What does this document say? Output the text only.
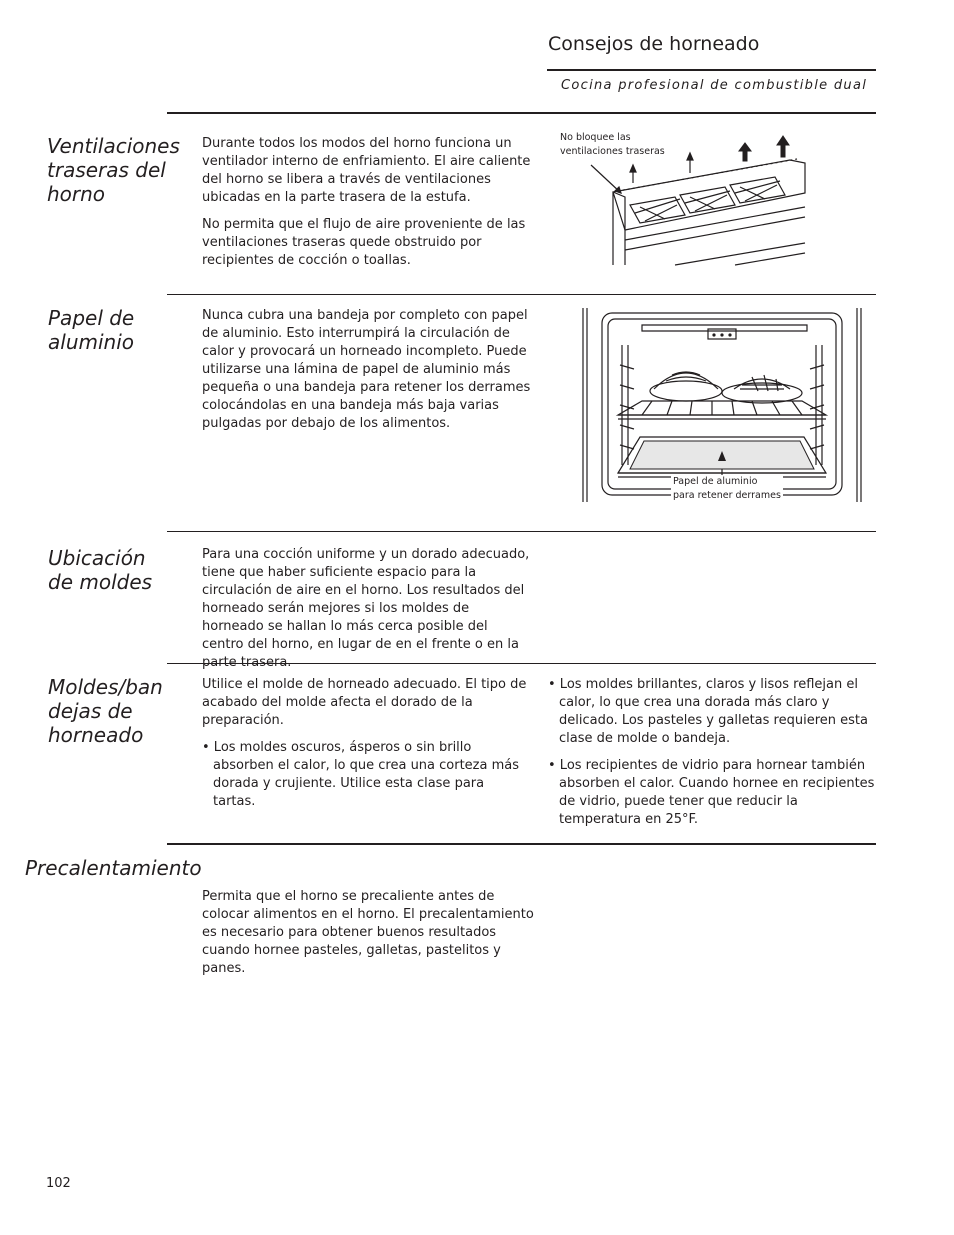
Consejos de horneado
Cocina profesional de combustible dual
Ventilaciones
traseras del
horno

Durante todos los modos del horno funciona un ventilador interno de enfriamiento. El aire caliente del horno se libera a través de ventilaciones ubicadas en la parte trasera de la estufa.

No permita que el flujo de aire proveniente de las ventilaciones traseras quede obstruido por recipientes de cocción o toallas.

No bloquee las
ventilaciones traseras
Papel de
aluminio

Nunca cubra una bandeja por completo con papel de aluminio. Esto interrumpirá la circulación de calor y provocará un horneado incompleto. Puede utilizarse una lámina de papel de aluminio más pequeña o una bandeja para retener los derrames colocándolas en una bandeja más baja varias pulgadas por debajo de los alimentos.

Papel de aluminio
para retener derrames
Ubicación
de moldes

Para una cocción uniforme y un dorado adecuado, tiene que haber suficiente espacio para la circulación de aire en el horno. Los resultados del horneado serán mejores si los moldes de horneado se hallan lo más cerca posible del centro del horno, en lugar de en el frente o en la parte trasera.

Moldes/ban
dejas de
horneado

Utilice el molde de horneado adecuado. El tipo de acabado del molde afecta el dorado de la preparación.

• Los moldes oscuros, ásperos o sin brillo absorben el calor, lo que crea una corteza más dorada y crujiente. Utilice esta clase para tartas.

• Los moldes brillantes, claros y lisos reflejan el calor, lo que crea una dorada más claro y delicado. Los pasteles y galletas requieren esta clase de molde o bandeja.

• Los recipientes de vidrio para hornear también absorben el calor. Cuando hornee en recipientes de vidrio, puede tener que reducir la temperatura en 25°F.

Precalentamiento

Permita que el horno se precaliente antes de colocar alimentos en el horno. El precalentamiento es necesario para obtener buenos resultados cuando hornee pasteles, galletas, pastelitos y panes.

102
